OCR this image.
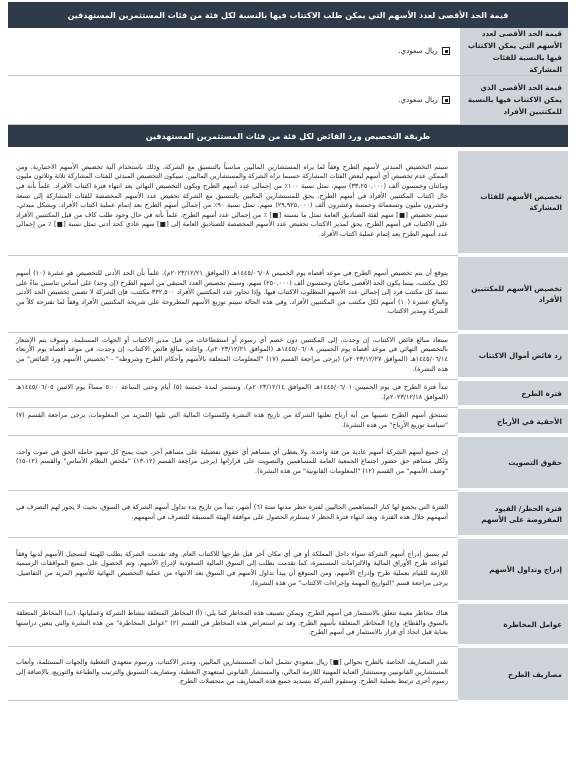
قيمة الحد الأقصى لعدد الأسهم التي يمكن طلب الاكتتاب فيها بالنسبة لكل فئة من فئات المستثمرين المستهدفين
قيمة الحد الأقصى لعدد الأسهم التي يمكن الاكتتاب فيها بالنسبة للفئات المشاركة
ريال سعودي.
قيمة الحد الأقصى الذي يمكن الاكتتاب فيها بالنسبة للمكتتبين الأفراد
ريال سعودي.
طريقة التخصيص ورد الفائض لكل فئة من فئات المستثمرين المستهدفين
تخصيص الأسهم للفئات المشاركة	سيتم التخصيص المبدئي لأسهم الطرح وفقاً لما يراه المستشارين الماليين مناسباً بالتنسيق مع الشركة، وذلك باستخدام آلية تخصيص الأسهم الاختيارية. ومن الممكن عدم تخصيص أي أسهم لبعض الفئات المشاركة حسبما تراه الشركة والمستشارين الماليين. سيكون التخصيص المبدئي للفئات المشاركة ثلاثة وثلاثون مليون ومائتان وخمسون ألف (٣٣,٢٥٠,٠٠٠) سهم، تمثل نسبة ١٠٠٪ من إجمالي عدد أسهم الطرح ويكون التخصيص النهائي بعد انتهاء فترة اكتتاب الأفراد. علماً بأنه في حال اكتتاب المكتتبين الأفراد في أسهم الطرح، يحق للمستشارين الماليين بالتنسيق مع الشركة تخفيض عدد الأسهم المخصصة للفئات المشاركة إلى تسعة وعشرون مليون وتسعمائة وخمسة وعشرون ألف (٢٩,٩٢٥,٠٠٠) سهم، تمثل نسبة ٩٠٪ من إجمالي أسهم الطرح بعد إتمام عملية اكتتاب الأفراد. وبشكل مبدئي، سيتم تخصيص [■] سهم لفئة الصناديق العامة تمثل ما نسبته [■] ٪ من إجمالي عدد أسهم الطرح، علماً بأنه في حال وجود طلب كاف من قبل المكتتبين الأفراد على الاكتتاب في أسهم الطرح، يحق لمدير الاكتتاب تخفيض عدد الأسهم المخصصة للصناديق العامة إلى [■] سهم عادي كحد أدنى تمثل نسبة [■] ٪ من إجمالي عدد أسهم الطرح بعد إتمام عملية اكتتاب الأفراد.
تخصيص الأسهم للمكتتبين الأفراد	يتوقع أن يتم تخصيص أسهم الطرح في موعد أقصاه يوم الخميس ١٤٤٥/٠٦/٠٨هـ (الموافق ٢٠٢٣/١٢/٢١م)، علماً بأن الحد الأدنى للتخصيص هو عشرة (١٠) أسهم لكل مكتتب، بينما يكون الحد الأقصى مائتان وخمسون ألف (٢٥٠,٠٠٠) سهم. وسيتم تخصيص العدد المتبقي من أسهم الطرح (إن وجد) على أساس تناسبي بناءً على نسبة كل مكتتب فرد إلى إجمالي عدد الأسهم المطلوب الاكتتاب فيها. وإذا تجاوز عدد المكتتبين الأفراد ٣٣٢,٥٠٠ مكتتب، فإن الشركة لا تضمن تخصيص الحد الأدنى والبالغ عشرة (١٠) أسهم لكل مكتتب من المكتتبين الأفراد، وفي هذه الحالة سيتم توزيع الأسهم المطروحة على شريحة المكتتبين الأفراد وفقاً لما تقترحه كلاً من الشركة ومدير الاكتتاب.
رد فائض أموال الاكتتاب	ستعاد مبالغ فائض الاكتتاب، إن وجدت، إلى المكتتبين دون خصم أي رسوم أو استقطاعات من قبل مدير الاكتتاب أو الجهات المستلمة. وسوف يتم الإشعار بالتخصيص النهائي في موعد أقصاه يوم الخميس ١٤٤٥/٠٦/٠٨هـ (الموافق ٢٠٢٣/١٢/٢١م)، وإعادة مبالغ فائض الاكتتاب، إن وجدت، في موعد أقصاه يوم الأربعاء ١٤٤٥/٠٦/١٤هـ (الموافق ٢٠٢٣/١٢/٢٧م) (يرجى مراجعة القسم (١٧) "المعلومات المتعلقة بالأسهم وأحكام الطرح وشروطه" - "تخصيص الأسهم ورد الفائض" من هذه النشرة).
فترة الطرح	تبدأ فترة الطرح في يوم الخميس ١٤٤٥/٠٦/٠١هـ (الموافق ٢٠٢٣/١٢/١٤م)، وتستمر لمدة خمسة (٥) أيام وحتى الساعة ٥:٠٠ مساءً يوم الاثنين ١٤٤٥/٠٦/٠٥هـ (الموافق ٢٠٢٣/١٢/١٨م).
الأحقية في الأرباح	تستحق أسهم الطرح نصيبها من أية أرباح تعلنها الشركة من تاريخ هذه النشرة وللسنوات المالية التي تليها (للمزيد من المعلومات، يرجى مراجعة القسم (٧) "سياسة توزيع الأرباح" من هذه النشرة).
حقوق التصويت	إن جميع أسهم الشركة أسهم عادية من فئة واحدة، ولا يعطي أي مساهم أي حقوق تفضيلية على مساهم آخر، حيث يمنح كل سهم حامله الحق في صوت واحد، ولكل مساهم حق حضور اجتماع الجمعية العامة للمساهمين والتصويت على قراراتها (يرجى مراجعة القسم (١٢-١٣) "ملخص النظام الأساس" والقسم (١٢-١٥) "وصف الأسهم" من القسم (١٢) "المعلومات القانونية" من هذه النشرة).
فترة الحظر/ القيود المفروضة على الأسهم	الفترة التي يخضع لها كبار المساهمين الحاليين لفترة حظر مدتها ستة (٦) أشهر، تبدأ من تاريخ بدء تداول أسهم الشركة في السوق، بحيث لا يجوز لهم التصرف في أسهمهم خلال هذه الفترة. وبعد انتهاء فترة الحظر لا يستلزم الحصول على موافقة الهيئة المسبقة للتصرف في أسهمهم.
إدراج وتداول الأسهم	لم يسبق إدراج أسهم الشركة سواء داخل المملكة أو في أي مكان آخر قبل طرحها للاكتتاب العام. وقد تقدمت الشركة بطلب للهيئة لتسجيل الأسهم لديها وفقاً لقواعد طرح الأوراق المالية والالتزامات المستمرة، كما تقدمت بطلب إلى السوق المالية السعودية لإدراج الأسهم. وتم الحصول على جميع الموافقات الرسمية اللازمة للقيام بعملية طرح وإدراج الأسهم، ومن المتوقع أن يبدأ تداول الأسهم في السوق بعد الانتهاء من عملية التخصيص النهائية للأسهم (لمزيد من التفاصيل، يرجى مراجعة قسم "التواريخ المهمة وإجراءات الاكتتاب" من هذه النشرة).
عوامل المخاطرة	هناك مخاطر معينة تتعلق بالاستثمار في أسهم الطرح. ويمكن تصنيف هذه المخاطر كما يلي: (أ) المخاطر المتعلقة بنشاط الشركة وعملياتها، (ب) المخاطر المتعلقة بالسوق والقطاع، و(ج) المخاطر المتعلقة بأسهم الطرح. وقد تم استعراض هذه المخاطر في القسم (٢) "عوامل المخاطرة" من هذه النشرة والتي يتعين دراستها بعناية قبل اتخاذ أي قرار بالاستثمار في أسهم الطرح.
مصاريف الطرح	تقدر المصاريف الخاصة بالطرح بحوالي [■] ريال سعودي تشمل أتعاب المستشارين الماليين، ومدير الاكتتاب، ورسوم متعهدي التغطية والجهات المستلمة، وأتعاب المستشارين القانونيين ومستشار العناية المهنية اللازمة المالي، والمستشار القانوني لمتعهدي التغطية، ومصاريف التسويق والترتيب والطباعة والتوزيع، بالإضافة إلى رسوم أخرى ترتبط بعملية الطرح. وستقوم الشركة بتسديد جميع هذه المصاريف من متحصلات الطرح.
